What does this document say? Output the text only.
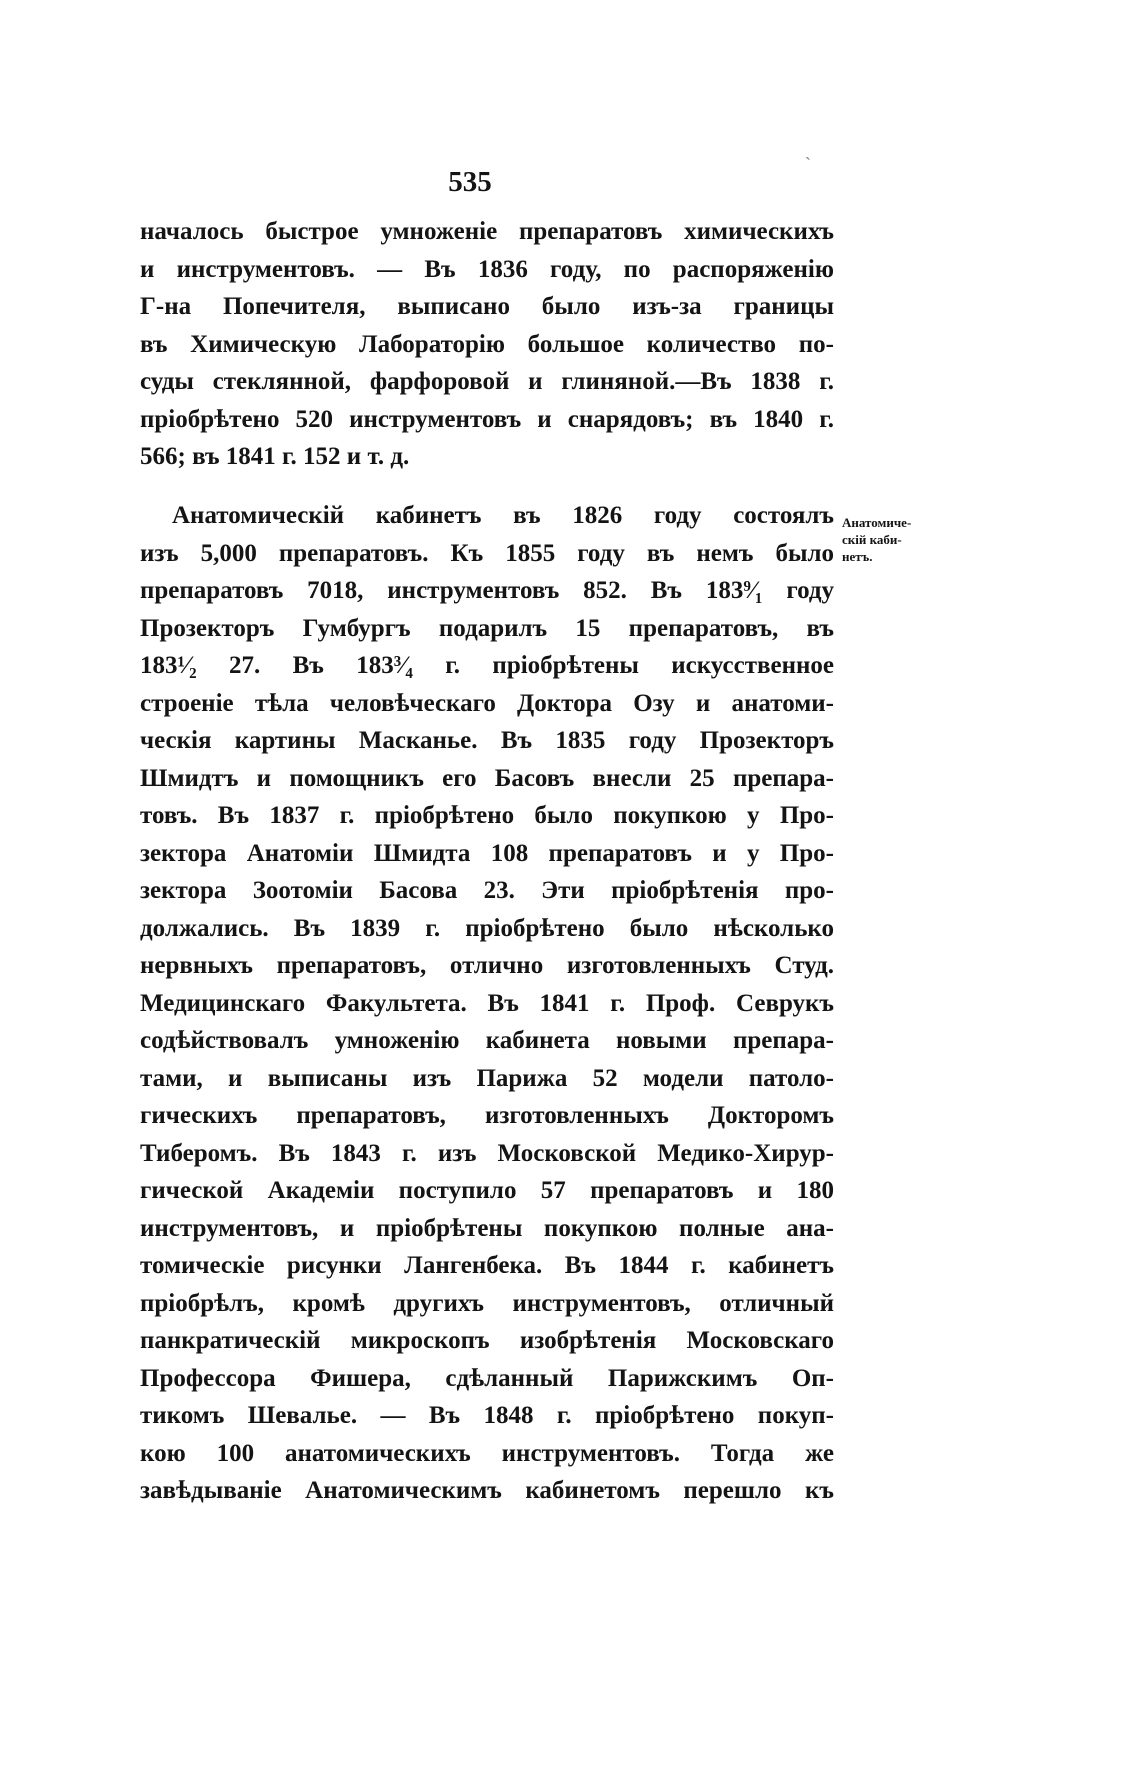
ˏ
535
началось быстрое умноженіе препаратовъ химическихъ
и инструментовъ. — Въ 1836 году, по распоряженію
Г-на Попечителя, выписано было изъ-за границы
въ Химическую Лабораторію большое количество по-
суды стеклянной, фарфоровой и глиняной.—Въ 1838 г.
пріобрѣтено 520 инструментовъ и снарядовъ; въ 1840 г.
566; въ 1841 г. 152 и т. д.
Анатомическій кабинетъ въ 1826 году состоялъ
изъ 5,000 препаратовъ. Къ 1855 году въ немъ было
препаратовъ 7018, инструментовъ 852. Въ 183⁹⁄₁ году
Прозекторъ Гумбургъ подарилъ 15 препаратовъ, въ
183¹⁄₂ 27. Въ 183³⁄₄ г. пріобрѣтены искусственное
строеніе тѣла человѣческаго Доктора Озу и анатоми-
ческія картины Масканье. Въ 1835 году Прозекторъ
Шмидтъ и помощникъ его Басовъ внесли 25 препара-
товъ. Въ 1837 г. пріобрѣтено было покупкою у Про-
зектора Анатоміи Шмидта 108 препаратовъ и у Про-
зектора Зоотоміи Басова 23. Эти пріобрѣтенія про-
должались. Въ 1839 г. пріобрѣтено было нѣсколько
нервныхъ препаратовъ, отлично изготовленныхъ Студ.
Медицинскаго Факультета. Въ 1841 г. Проф. Севрукъ
содѣйствовалъ умноженію кабинета новыми препара-
тами, и выписаны изъ Парижа 52 модели патоло-
гическихъ препаратовъ, изготовленныхъ Докторомъ
Тиберомъ. Въ 1843 г. изъ Московской Медико-Хирур-
гической Академіи поступило 57 препаратовъ и 180
инструментовъ, и пріобрѣтены покупкою полные ана-
томическіе рисунки Лангенбека. Въ 1844 г. кабинетъ
пріобрѣлъ, кромѣ другихъ инструментовъ, отличный
панкратическій микроскопъ изобрѣтенія Московскаго
Профессора Фишера, сдѣланный Парижскимъ Оп-
тикомъ Шевалье. — Въ 1848 г. пріобрѣтено покуп-
кою 100 анатомическихъ инструментовъ. Тогда же
завѣдываніе Анатомическимъ кабинетомъ перешло къ
Анатомиче-
скій каби-
нетъ.
